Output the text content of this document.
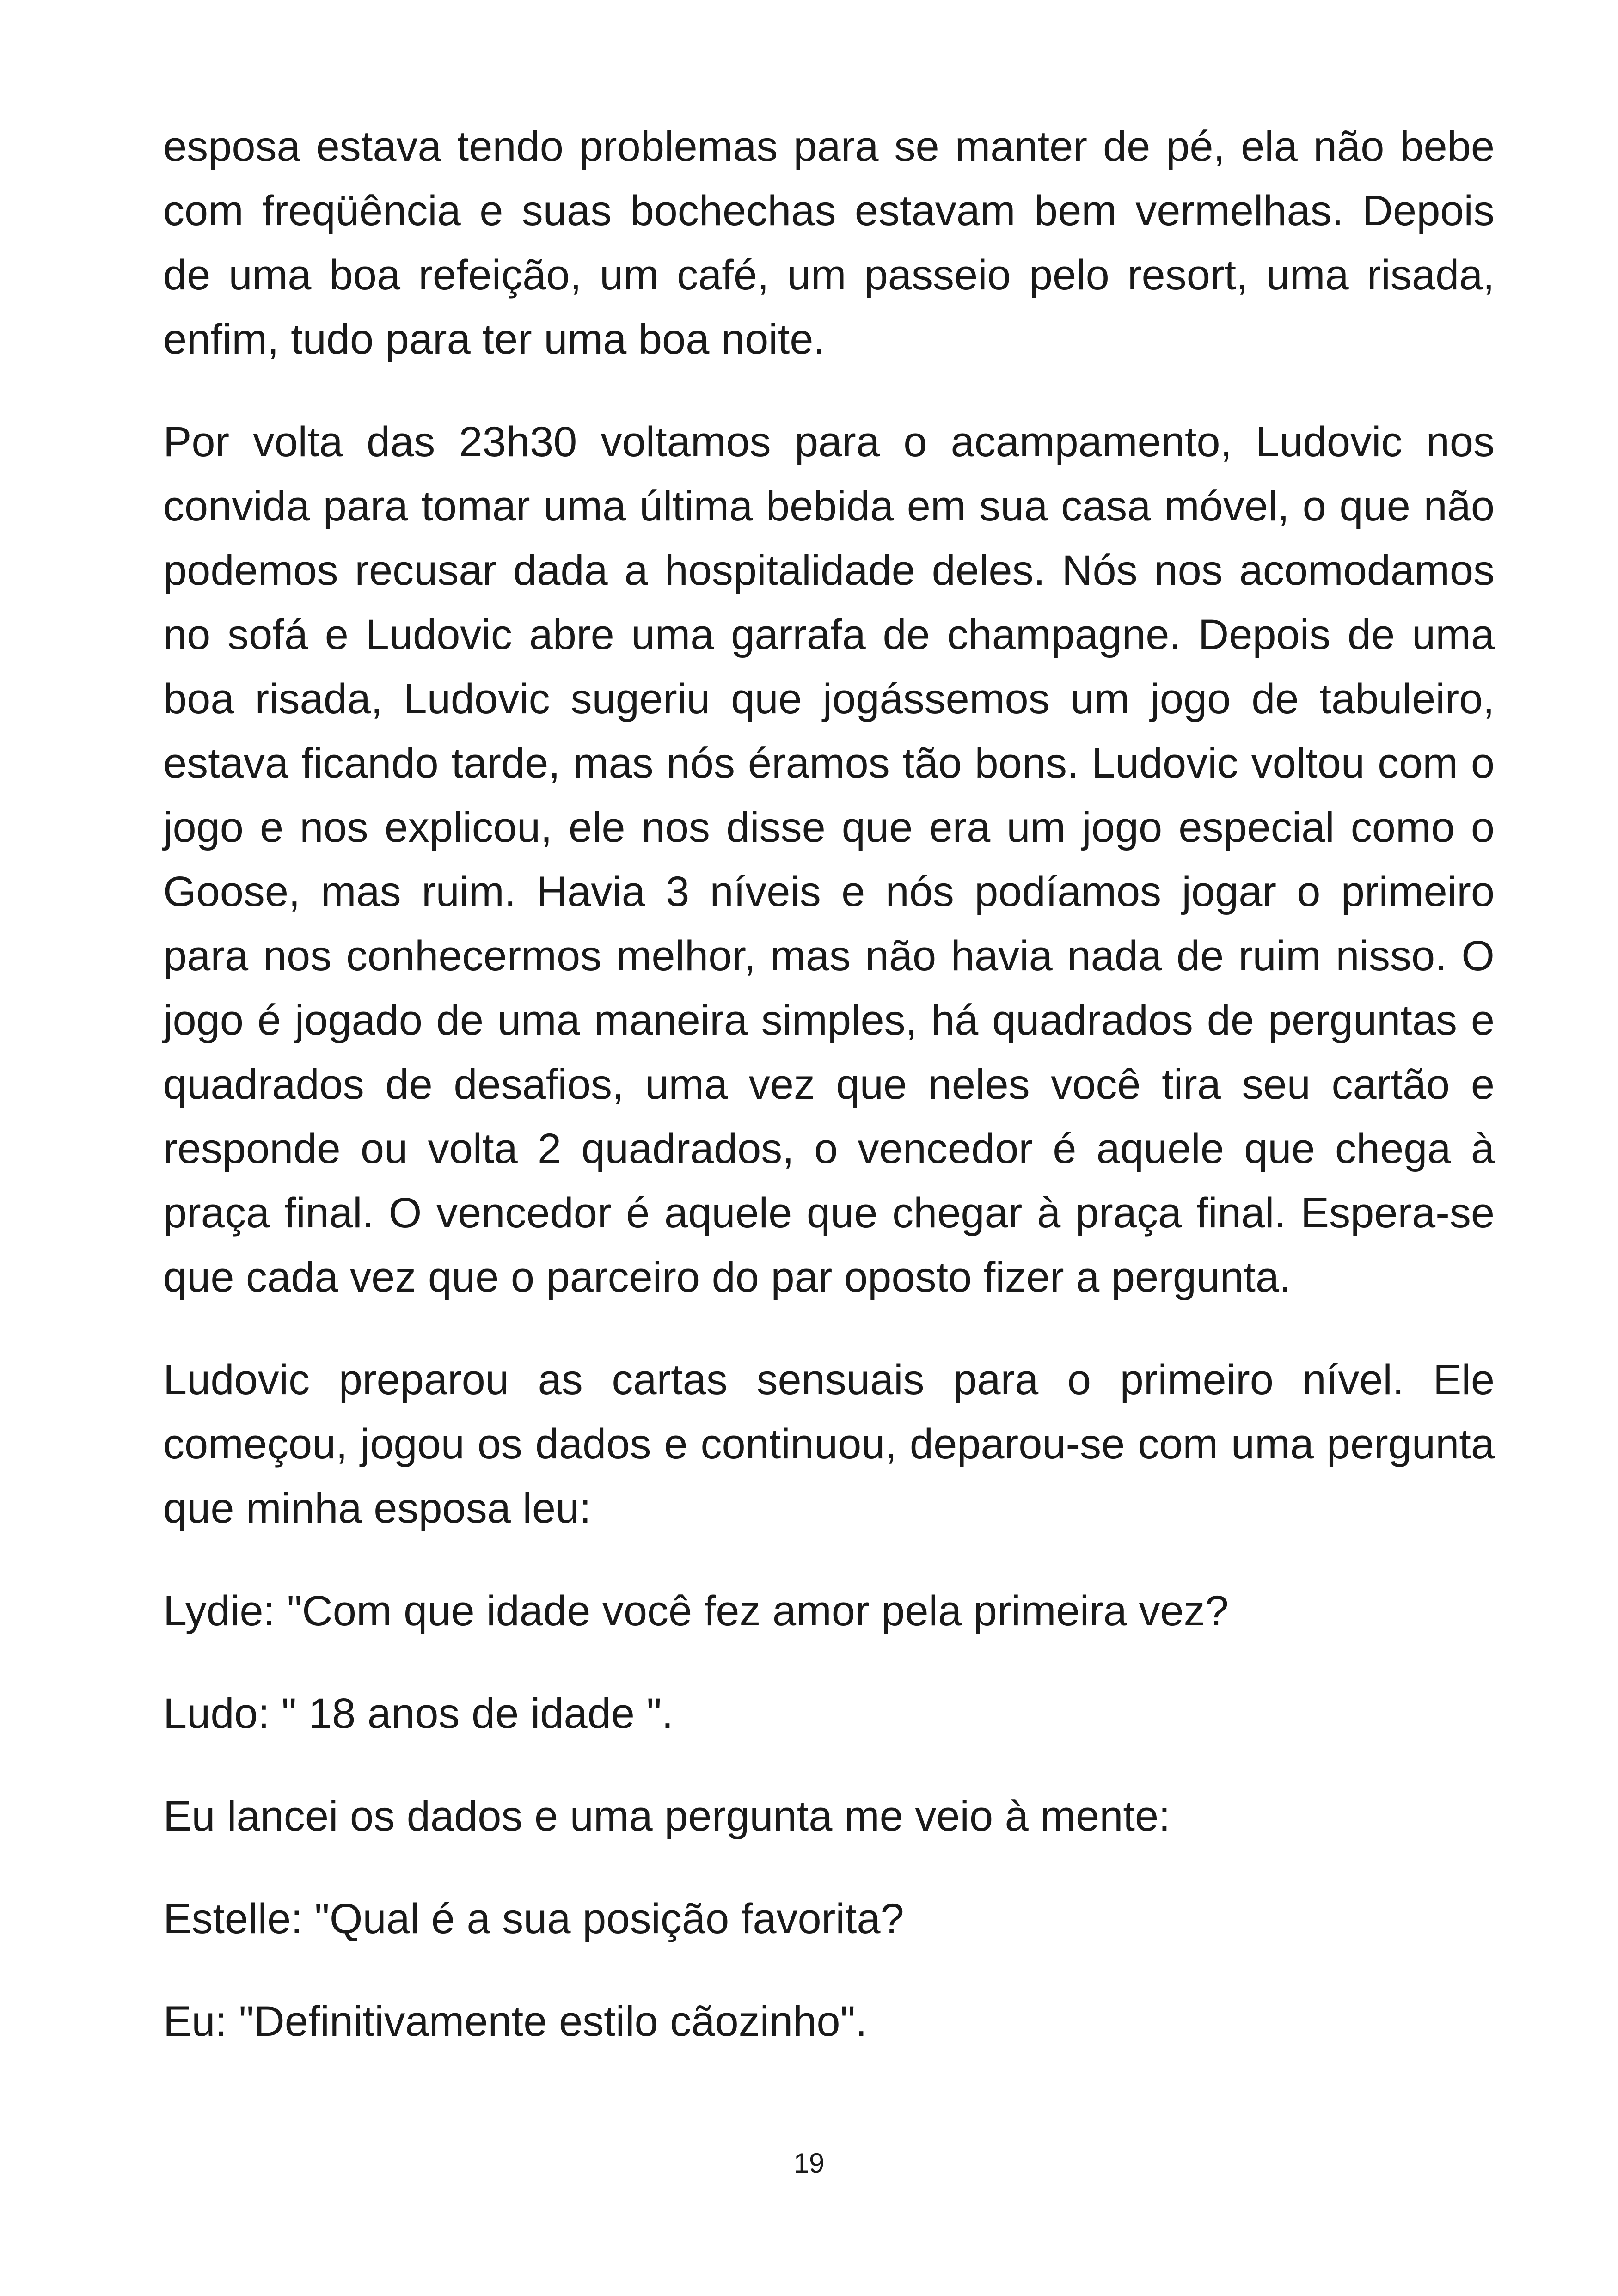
esposa estava tendo problemas para se manter de pé, ela não bebe com freqüência e suas bochechas estavam bem vermelhas. Depois de uma boa refeição, um café, um passeio pelo resort, uma risada, enfim, tudo para ter uma boa noite.

Por volta das 23h30 voltamos para o acampamento, Ludovic nos convida para tomar uma última bebida em sua casa móvel, o que não podemos recusar dada a hospitalidade deles. Nós nos acomodamos no sofá e Ludovic abre uma garrafa de champagne. Depois de uma boa risada, Ludovic sugeriu que jogássemos um jogo de tabuleiro, estava ficando tarde, mas nós éramos tão bons. Ludovic voltou com o jogo e nos explicou, ele nos disse que era um jogo especial como o Goose, mas ruim. Havia 3 níveis e nós podíamos jogar o primeiro para nos conhecermos melhor, mas não havia nada de ruim nisso. O jogo é jogado de uma maneira simples, há quadrados de perguntas e quadrados de desafios, uma vez que neles você tira seu cartão e responde ou volta 2 quadrados, o vencedor é aquele que chega à praça final. O vencedor é aquele que chegar à praça final. Espera-se que cada vez que o parceiro do par oposto fizer a pergunta.

Ludovic preparou as cartas sensuais para o primeiro nível. Ele começou, jogou os dados e continuou, deparou-se com uma pergunta que minha esposa leu:

Lydie: "Com que idade você fez amor pela primeira vez?

Ludo: " 18 anos de idade ".

Eu lancei os dados e uma pergunta me veio à mente:

Estelle: "Qual é a sua posição favorita?

Eu: "Definitivamente estilo cãozinho".

19
